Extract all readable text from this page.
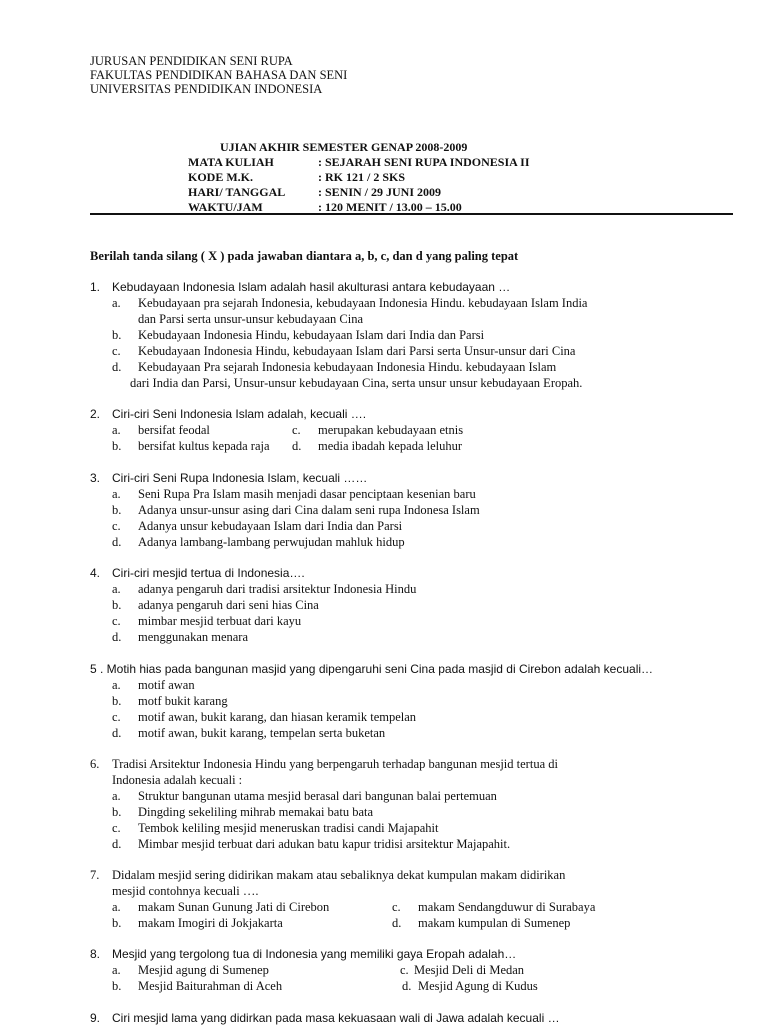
JURUSAN PENDIDIKAN SENI RUPA
FAKULTAS PENDIDIKAN BAHASA DAN SENI
UNIVERSITAS PENDIDIKAN INDONESIA
UJIAN AKHIR SEMESTER GENAP 2008-2009
MATA KULIAH	: SEJARAH SENI RUPA INDONESIA II
KODE M.K.	: RK 121 / 2 SKS
HARI/ TANGGAL	: SENIN / 29 JUNI 2009
WAKTU/JAM	: 120 MENIT / 13.00 – 15.00
Berilah tanda silang ( X ) pada jawaban diantara a, b, c, dan d yang paling tepat
1. Kebudayaan Indonesia Islam adalah hasil akulturasi antara kebudayaan …
a.	Kebudayaan pra sejarah Indonesia, kebudayaan Indonesia Hindu. kebudayaan Islam India
dan Parsi serta unsur-unsur kebudayaan Cina
b.	Kebudayaan Indonesia Hindu, kebudayaan Islam dari India dan Parsi
c.	Kebudayaan Indonesia Hindu, kebudayaan Islam dari Parsi serta Unsur-unsur dari Cina
d.	Kebudayaan Pra sejarah Indonesia kebudayaan Indonesia Hindu. kebudayaan Islam
dari India dan Parsi, Unsur-unsur kebudayaan Cina, serta unsur unsur kebudayaan Eropah.
2. Ciri-ciri Seni Indonesia Islam adalah, kecuali ….
a.	bersifat feodal	c.	merupakan kebudayaan etnis
b.	bersifat kultus kepada raja	d.	media ibadah kepada leluhur
3. Ciri-ciri Seni Rupa Indonesia Islam, kecuali ……
a.	Seni Rupa Pra Islam masih menjadi dasar penciptaan kesenian baru
b.	Adanya unsur-unsur asing dari Cina dalam seni rupa Indonesa Islam
c.	Adanya unsur kebudayaan Islam dari India dan Parsi
d.	Adanya lambang-lambang perwujudan mahluk hidup
4. Ciri-ciri mesjid tertua di Indonesia….
a.	adanya pengaruh dari tradisi arsitektur Indonesia Hindu
b.	adanya pengaruh dari seni hias Cina
c.	mimbar mesjid terbuat dari kayu
d.	menggunakan menara
5 . Motih hias pada bangunan masjid yang dipengaruhi seni Cina pada masjid di Cirebon adalah kecuali…
a.	motif awan
b.	motf bukit karang
c.	motif awan, bukit karang, dan hiasan keramik tempelan
d.	motif awan, bukit karang, tempelan serta buketan
6.	Tradisi Arsitektur Indonesia Hindu yang berpengaruh terhadap bangunan mesjid tertua di
Indonesia adalah kecuali :
a.	Struktur bangunan utama mesjid berasal dari bangunan balai pertemuan
b.	Dingding sekeliling mihrab memakai batu bata
c.	Tembok keliling mesjid meneruskan tradisi candi Majapahit
d.	Mimbar mesjid terbuat dari adukan batu kapur tridisi arsitektur Majapahit.
7.	Didalam mesjid sering didirikan makam atau sebaliknya dekat kumpulan makam didirikan
mesjid contohnya kecuali ….
a.	makam Sunan Gunung Jati di Cirebon	c.	makam Sendangduwur di Surabaya
b.	makam Imogiri di Jokjakarta	d.	makam kumpulan di Sumenep
8. Mesjid yang tergolong tua di Indonesia yang memiliki gaya Eropah adalah…
a.	Mesjid agung di Sumenep	c. Mesjid Deli di Medan
b.	Mesjid Baiturahman di Aceh	d. Mesjid Agung di Kudus
9. Ciri mesjid lama yang didirkan pada masa kekuasaan wali di Jawa adalah kecuali …
